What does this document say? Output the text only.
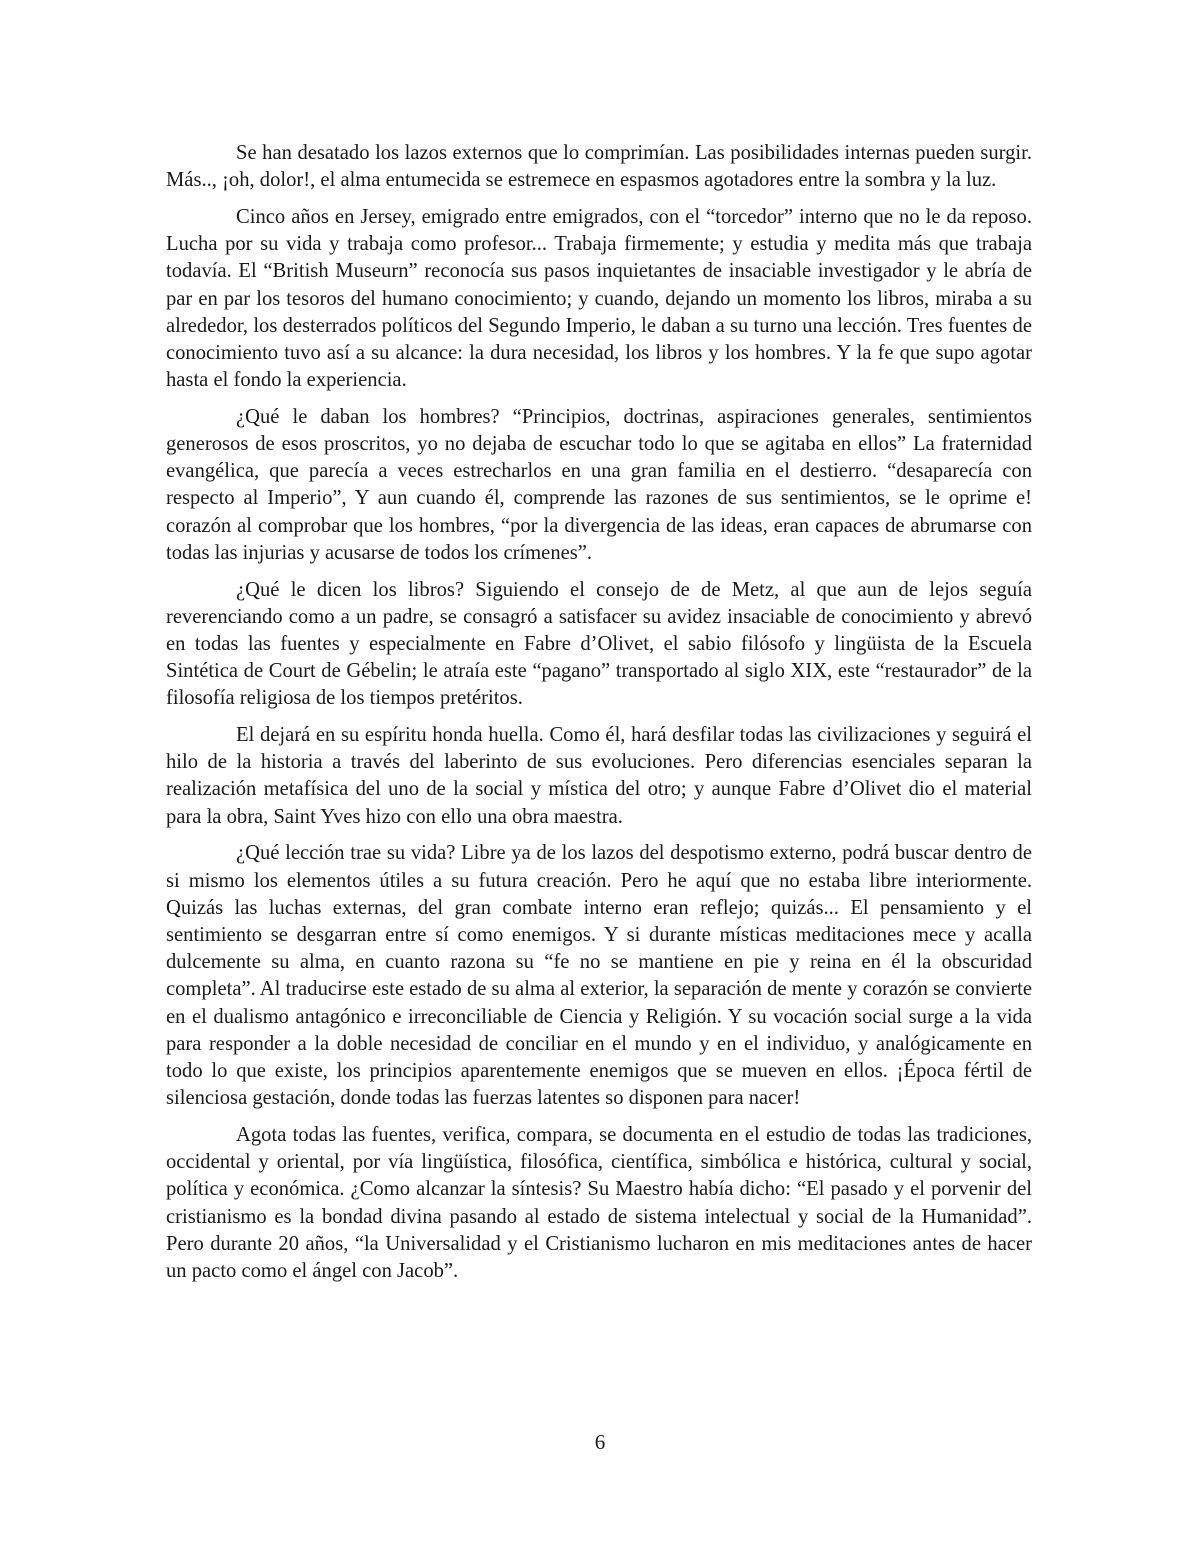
Se han desatado los lazos externos que lo comprimían. Las posibilidades internas pueden surgir. Más.., ¡oh, dolor!, el alma entumecida se estremece en espasmos agotadores entre la sombra y la luz.

Cinco años en Jersey, emigrado entre emigrados, con el “torcedor” interno que no le da reposo. Lucha por su vida y trabaja como profesor... Trabaja firmemente; y estudia y medita más que trabaja todavía. El “British Museurn” reconocía sus pasos inquietantes de insaciable investigador y le abría de par en par los tesoros del humano conocimiento; y cuando, dejando un momento los libros, miraba a su alrededor, los desterrados políticos del Segundo Imperio, le daban a su turno una lección. Tres fuentes de conocimiento tuvo así a su alcance: la dura necesidad, los libros y los hombres. Y la fe que supo agotar hasta el fondo la experiencia.

¿Qué le daban los hombres? “Principios, doctrinas, aspiraciones generales, sentimientos generosos de esos proscritos, yo no dejaba de escuchar todo lo que se agitaba en ellos” La fraternidad evangélica, que parecía a veces estrecharlos en una gran familia en el destierro. “desaparecía con respecto al Imperio”, Y aun cuando él, comprende las razones de sus sentimientos, se le oprime e! corazón al comprobar que los hombres, “por la divergencia de las ideas, eran capaces de abrumarse con todas las injurias y acusarse de todos los crímenes”.

¿Qué le dicen los libros? Siguiendo el consejo de de Metz, al que aun de lejos seguía reverenciando como a un padre, se consagró a satisfacer su avidez insaciable de conocimiento y abrevó en todas las fuentes y especialmente en Fabre d’Olivet, el sabio filósofo y lingüista de la Escuela Sintética de Court de Gébelin; le atraía este “pagano” transportado al siglo XIX, este “restaurador” de la filosofía religiosa de los tiempos pretéritos.

El dejará en su espíritu honda huella. Como él, hará desfilar todas las civilizaciones y seguirá el hilo de la historia a través del laberinto de sus evoluciones. Pero diferencias esenciales separan la realización metafísica del uno de la social y mística del otro; y aunque Fabre d’Olivet dio el material para la obra, Saint Yves hizo con ello una obra maestra.

¿Qué lección trae su vida? Libre ya de los lazos del despotismo externo, podrá buscar dentro de si mismo los elementos útiles a su futura creación. Pero he aquí que no estaba libre interiormente. Quizás las luchas externas, del gran combate interno eran reflejo; quizás... El pensamiento y el sentimiento se desgarran entre sí como enemigos. Y si durante místicas meditaciones mece y acalla dulcemente su alma, en cuanto razona su “fe no se mantiene en pie y reina en él la obscuridad completa”. Al traducirse este estado de su alma al exterior, la separación de mente y corazón se convierte en el dualismo antagónico e irreconciliable de Ciencia y Religión. Y su vocación social surge a la vida para responder a la doble necesidad de conciliar en el mundo y en el individuo, y analógicamente en todo lo que existe, los principios aparentemente enemigos que se mueven en ellos. ¡Época fértil de silenciosa gestación, donde todas las fuerzas latentes so disponen para nacer!

Agota todas las fuentes, verifica, compara, se documenta en el estudio de todas las tradiciones, occidental y oriental, por vía lingüística, filosófica, científica, simbólica e histórica, cultural y social, política y económica. ¿Como alcanzar la síntesis? Su Maestro había dicho: “El pasado y el porvenir del cristianismo es la bondad divina pasando al estado de sistema intelectual y social de la Humanidad”. Pero durante 20 años, “la Universalidad y el Cristianismo lucharon en mis meditaciones antes de hacer un pacto como el ángel con Jacob”.

6
